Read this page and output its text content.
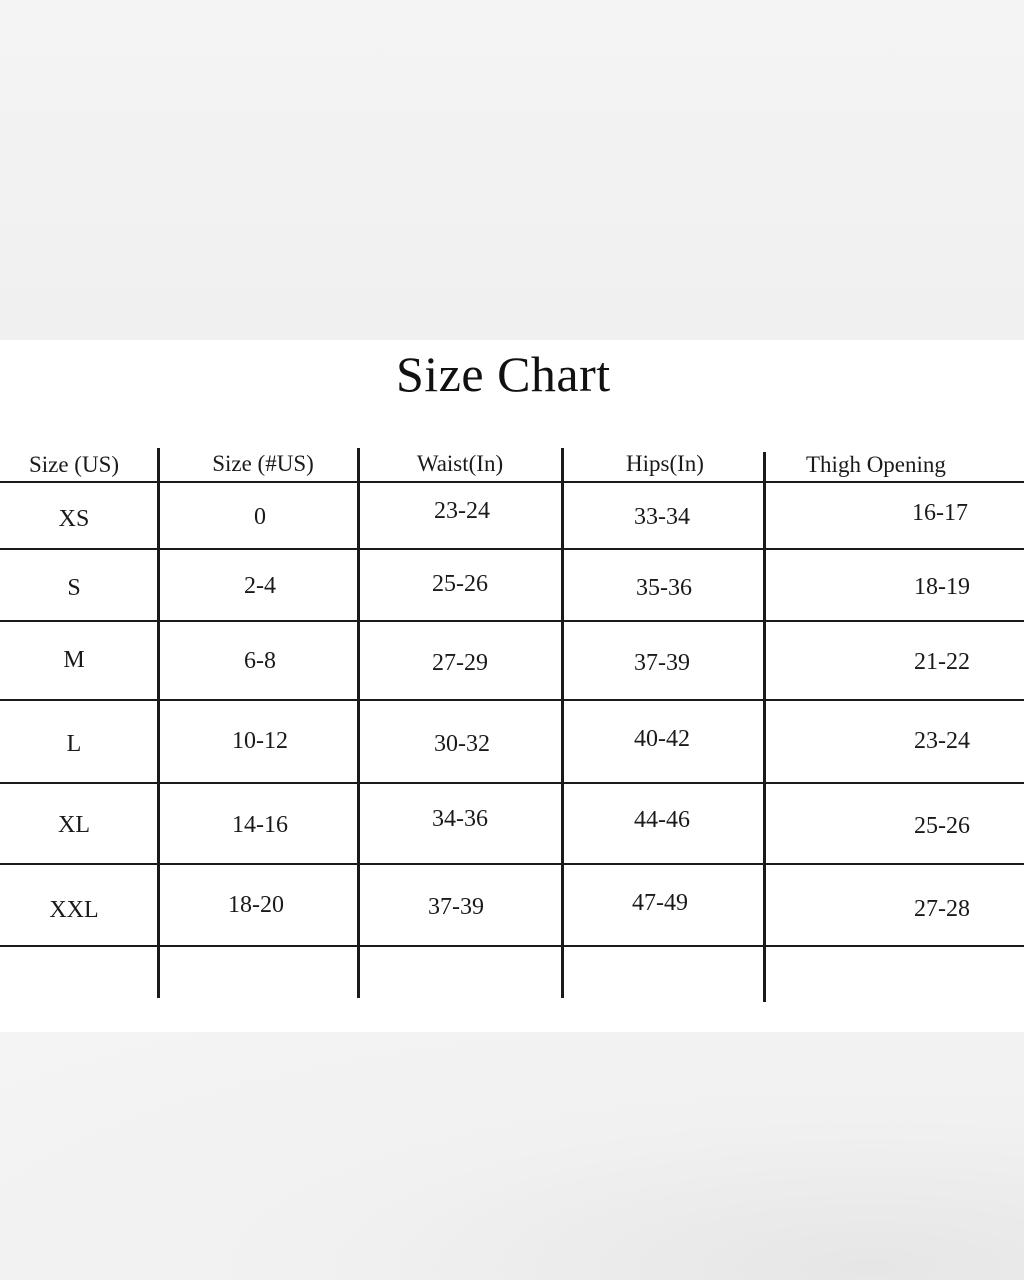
Size Chart
Size (US)	Size (#US)	Waist(In)	Hips(In)	Thigh Opening
XS	0	23-24	33-34	16-17
S	2-4	25-26	35-36	18-19
M	6-8	27-29	37-39	21-22
L	10-12	30-32	40-42	23-24
XL	14-16	34-36	44-46	25-26
XXL	18-20	37-39	47-49	27-28
